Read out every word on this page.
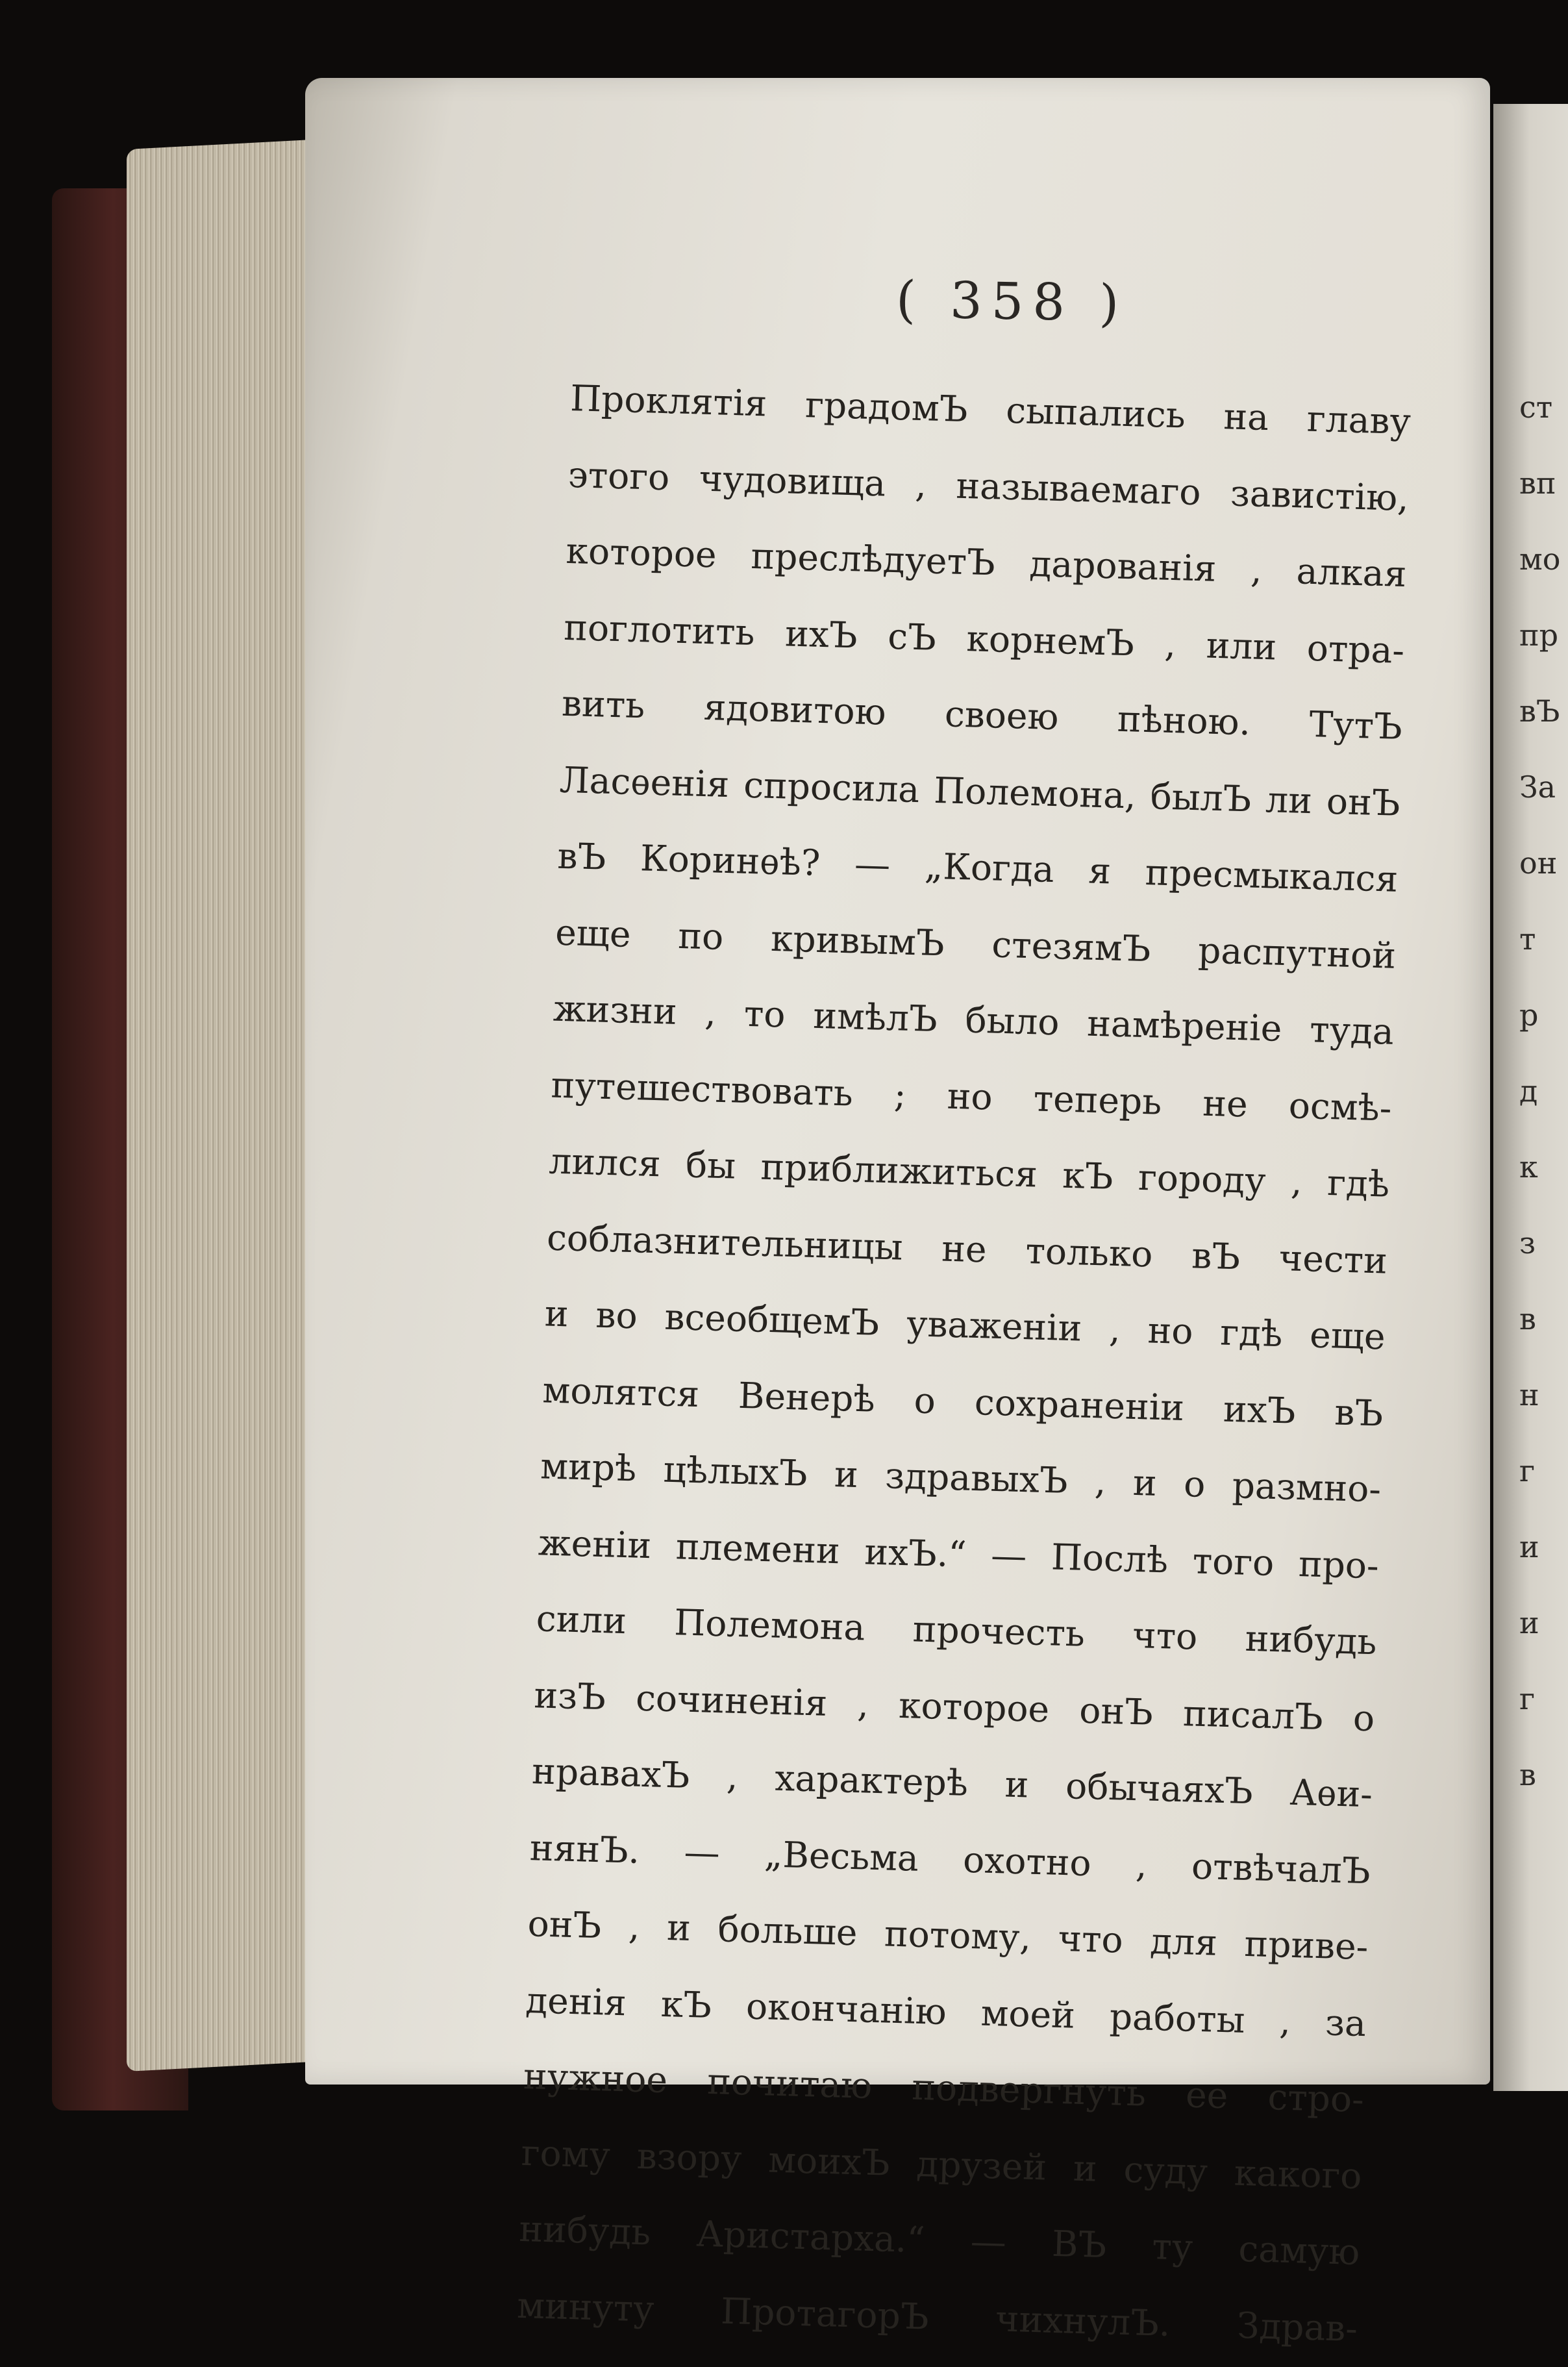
ст
вп
мо
пр
вЪ
За
он
т
р
д
к
з
в
н
г
и
и
г
в
( 358 )
Проклятія градомЪ сыпались на главу
этого чудовища , называемаго завистію,
которое преслѣдуетЪ дарованія , алкая
поглотить ихЪ сЪ корнемЪ , или отра-
вить ядовитою своею пѣною. ТутЪ
Ласѳенія спросила Полемона, былЪ ли онЪ
вЪ Коринѳѣ? — „Когда я пресмыкался
еще по кривымЪ стезямЪ распутной
жизни , то имѣлЪ было намѣреніе туда
путешествовать ; но теперь не осмѣ-
лился бы приближиться кЪ городу , гдѣ
соблазнительницы не только вЪ чести
и во всеобщемЪ уваженіи , но гдѣ еще
молятся Венерѣ о сохраненіи ихЪ вЪ
мирѣ цѣлыхЪ и здравыхЪ , и о размно-
женіи племени ихЪ.“ — Послѣ того про-
сили Полемона прочесть что нибудь
изЪ сочиненія , которое онЪ писалЪ о
нравахЪ , характерѣ и обычаяхЪ Аѳи-
нянЪ. — „Весьма охотно , отвѣчалЪ
онЪ , и больше потому, что для приве-
денія кЪ окончанію моей работы , за
нужное почитаю подвергнуть ее стро-
гому взору моихЪ друзей и суду какого
нибудь Аристарха.“ — ВЪ ту самую
минуту ПротагорЪ чихнулЪ. Здрав-
